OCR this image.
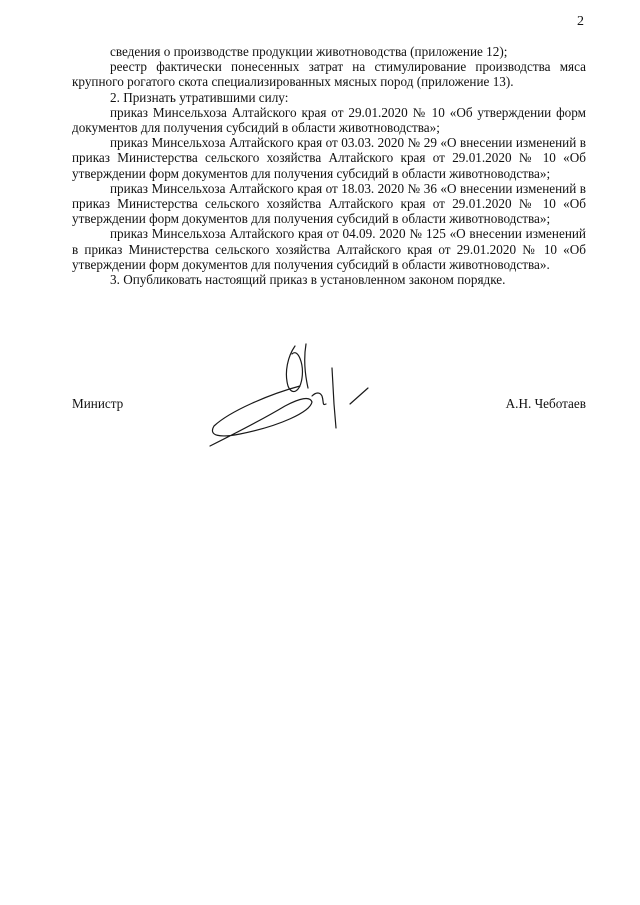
2

сведения о производстве продукции животноводства (приложение 12);

реестр фактически понесенных затрат на стимулирование производства мяса крупного рогатого скота специализированных мясных пород (приложение 13).

2. Признать утратившими силу:

приказ Минсельхоза Алтайского края от 29.01.2020 № 10 «Об утверждении форм документов для получения субсидий в области животноводства»;

приказ Минсельхоза Алтайского края от 03.03. 2020 № 29 «О внесении изменений в приказ Министерства сельского хозяйства Алтайского края от 29.01.2020 № 10 «Об утверждении форм документов для получения субсидий в области животноводства»;

приказ Минсельхоза Алтайского края от 18.03. 2020 № 36 «О внесении изменений в приказ Министерства сельского хозяйства Алтайского края от 29.01.2020 № 10 «Об утверждении форм документов для получения субсидий в области животноводства»;

приказ Минсельхоза Алтайского края от 04.09. 2020 № 125 «О внесении изменений в приказ Министерства сельского хозяйства Алтайского края от 29.01.2020 № 10 «Об утверждении форм документов для получения субсидий в области животноводства».

3. Опубликовать настоящий приказ в установленном законом порядке.

Министр	А.Н. Чеботаев
